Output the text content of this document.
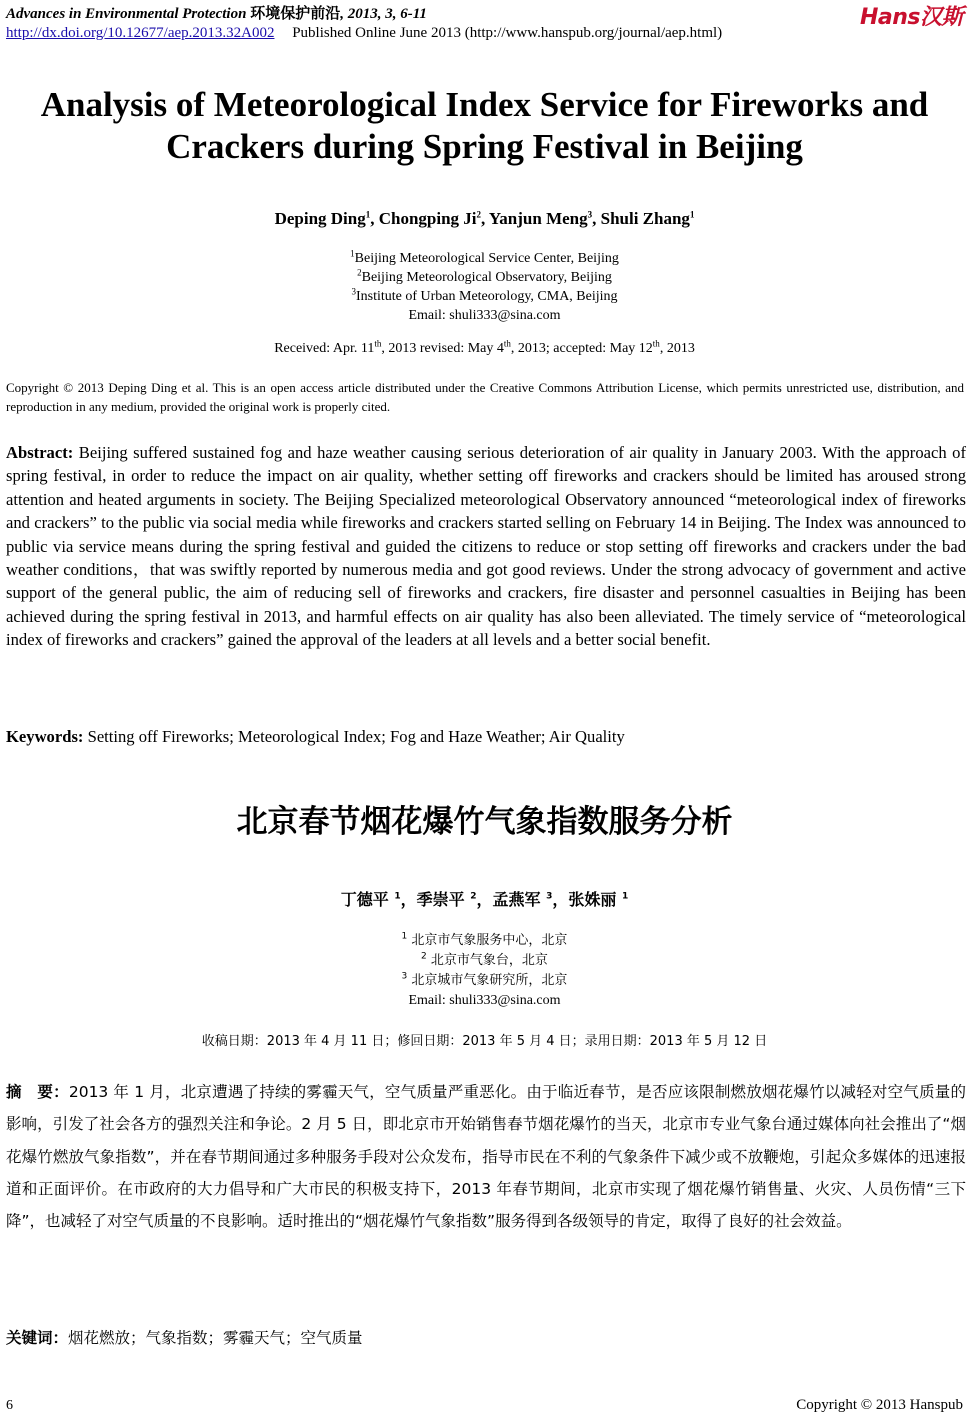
Advances in Environmental Protection 环境保护前沿, 2013, 3, 6-11
http://dx.doi.org/10.12677/aep.2013.32A002 Published Online June 2013 (http://www.hanspub.org/journal/aep.html)
Hans汉斯
Analysis of Meteorological Index Service for Fireworks and Crackers during Spring Festival in Beijing
Deping Ding$^1$, Chongping Ji$^2$, Yanjun Meng$^3$, Shuli Zhang$^1$
$^1$Beijing Meteorological Service Center, Beijing
$^2$Beijing Meteorological Observatory, Beijing
$^3$Institute of Urban Meteorology, CMA, Beijing
Email: shuli333@sina.com
Received: Apr. 11th, 2013 revised: May 4th, 2013; accepted: May 12th, 2013
Copyright © 2013 Deping Ding et al. This is an open access article distributed under the Creative Commons Attribution License, which permits unrestricted use, distribution, and reproduction in any medium, provided the original work is properly cited.
Abstract: Beijing suffered sustained fog and haze weather causing serious deterioration of air quality in January 2003. With the approach of spring festival, in order to reduce the impact on air quality, whether setting off fireworks and crackers should be limited has aroused strong attention and heated arguments in society. The Beijing Specialized meteorological Observatory announced “meteorological index of fireworks and crackers” to the public via social media while fireworks and crackers started selling on February 14 in Beijing. The Index was announced to public via service means during the spring festival and guided the citizens to reduce or stop setting off fireworks and crackers under the bad weather conditions，that was swiftly reported by numerous media and got good reviews. Under the strong advocacy of government and active support of the general public, the aim of reducing sell of fireworks and crackers, fire disaster and personnel casualties in Beijing has been achieved during the spring festival in 2013, and harmful effects on air quality has also been alleviated. The timely service of “meteorological index of fireworks and crackers” gained the approval of the leaders at all levels and a better social benefit.
Keywords: Setting off Fireworks; Meteorological Index; Fog and Haze Weather; Air Quality
北京春节烟花爆竹气象指数服务分析
丁德平 $^1$，季崇平 $^2$，孟燕军 $^3$，张姝丽 $^1$
$^1$ 北京市气象服务中心，北京
$^2$ 北京市气象台，北京
$^3$ 北京城市气象研究所，北京
Email: shuli333@sina.com
收稿日期：2013 年 4 月 11 日；修回日期：2013 年 5 月 4 日；录用日期：2013 年 5 月 12 日
摘　要：2013 年 1 月，北京遭遇了持续的雾霾天气，空气质量严重恶化。由于临近春节，是否应该限制燃放烟花爆竹以减轻对空气质量的影响，引发了社会各方的强烈关注和争论。2 月 5 日，即北京市开始销售春节烟花爆竹的当天，北京市专业气象台通过媒体向社会推出了“烟花爆竹燃放气象指数”，并在春节期间通过多种服务手段对公众发布，指导市民在不利的气象条件下减少或不放鞭炮，引起众多媒体的迅速报道和正面评价。在市政府的大力倡导和广大市民的积极支持下，2013 年春节期间，北京市实现了烟花爆竹销售量、火灾、人员伤情“三下降”，也减轻了对空气质量的不良影响。适时推出的“烟花爆竹气象指数”服务得到各级领导的肯定，取得了良好的社会效益。
关键词：烟花燃放；气象指数；雾霾天气；空气质量
6	Copyright © 2013 Hanspub
